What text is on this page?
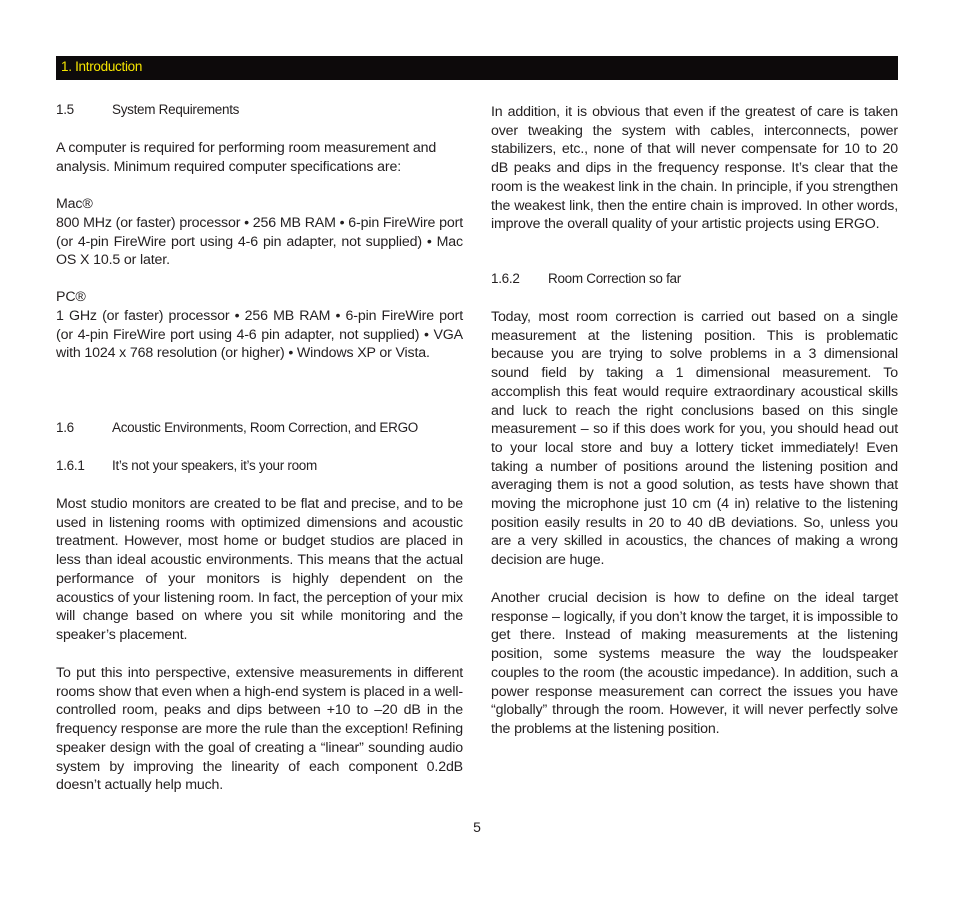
1. Introduction
1.5	System Requirements
A computer is required for performing room measurement and analysis. Minimum required computer specifications are:
Mac®
800 MHz (or faster) processor • 256 MB RAM • 6-pin FireWire port (or 4-pin FireWire port using 4-6 pin adapter, not supplied) • Mac OS X 10.5 or later.
PC®
1 GHz (or faster) processor • 256 MB RAM • 6-pin FireWire port (or 4-pin FireWire port using 4-6 pin adapter, not supplied) • VGA with 1024 x 768 resolution (or higher) • Windows XP or Vista.
1.6	Acoustic Environments, Room Correction, and ERGO
1.6.1 It’s not your speakers, it’s your room
Most studio monitors are created to be flat and precise, and to be used in listening rooms with optimized dimensions and acoustic treatment. However, most home or budget studios are placed in less than ideal acoustic environments. This means that the actual performance of your monitors is highly dependent on the acoustics of your listening room. In fact, the perception of your mix will change based on where you sit while monitoring and the speaker’s placement.
To put this into perspective, extensive measurements in different rooms show that even when a high-end system is placed in a well-controlled room, peaks and dips between +10 to –20 dB in the frequency response are more the rule than the exception! Refining speaker design with the goal of creating a “linear” sounding audio system by improving the linearity of each component 0.2dB doesn’t actually help much.
In addition, it is obvious that even if the greatest of care is taken over tweaking the system with cables, interconnects, power stabilizers, etc., none of that will never compensate for 10 to 20 dB peaks and dips in the frequency response. It’s clear that the room is the weakest link in the chain. In principle, if you strengthen the weakest link, then the entire chain is improved. In other words, improve the overall quality of your artistic projects using ERGO.
1.6.2 Room Correction so far
Today, most room correction is carried out based on a single measurement at the listening position. This is problematic because you are trying to solve problems in a 3 dimensional sound field by taking a 1 dimensional measurement. To accomplish this feat would require extraordinary acoustical skills and luck to reach the right conclusions based on this single measurement – so if this does work for you, you should head out to your local store and buy a lottery ticket immediately! Even taking a number of positions around the listening position and averaging them is not a good solution, as tests have shown that moving the microphone just 10 cm (4 in) relative to the listening position easily results in 20 to 40 dB deviations. So, unless you are a very skilled in acoustics, the chances of making a wrong decision are huge.
Another crucial decision is how to define on the ideal target response – logically, if you don’t know the target, it is impossible to get there. Instead of making measurements at the listening position, some systems measure the way the loudspeaker couples to the room (the acoustic impedance). In addition, such a power response measurement can correct the issues you have “globally” through the room. However, it will never perfectly solve the problems at the listening position.
5
